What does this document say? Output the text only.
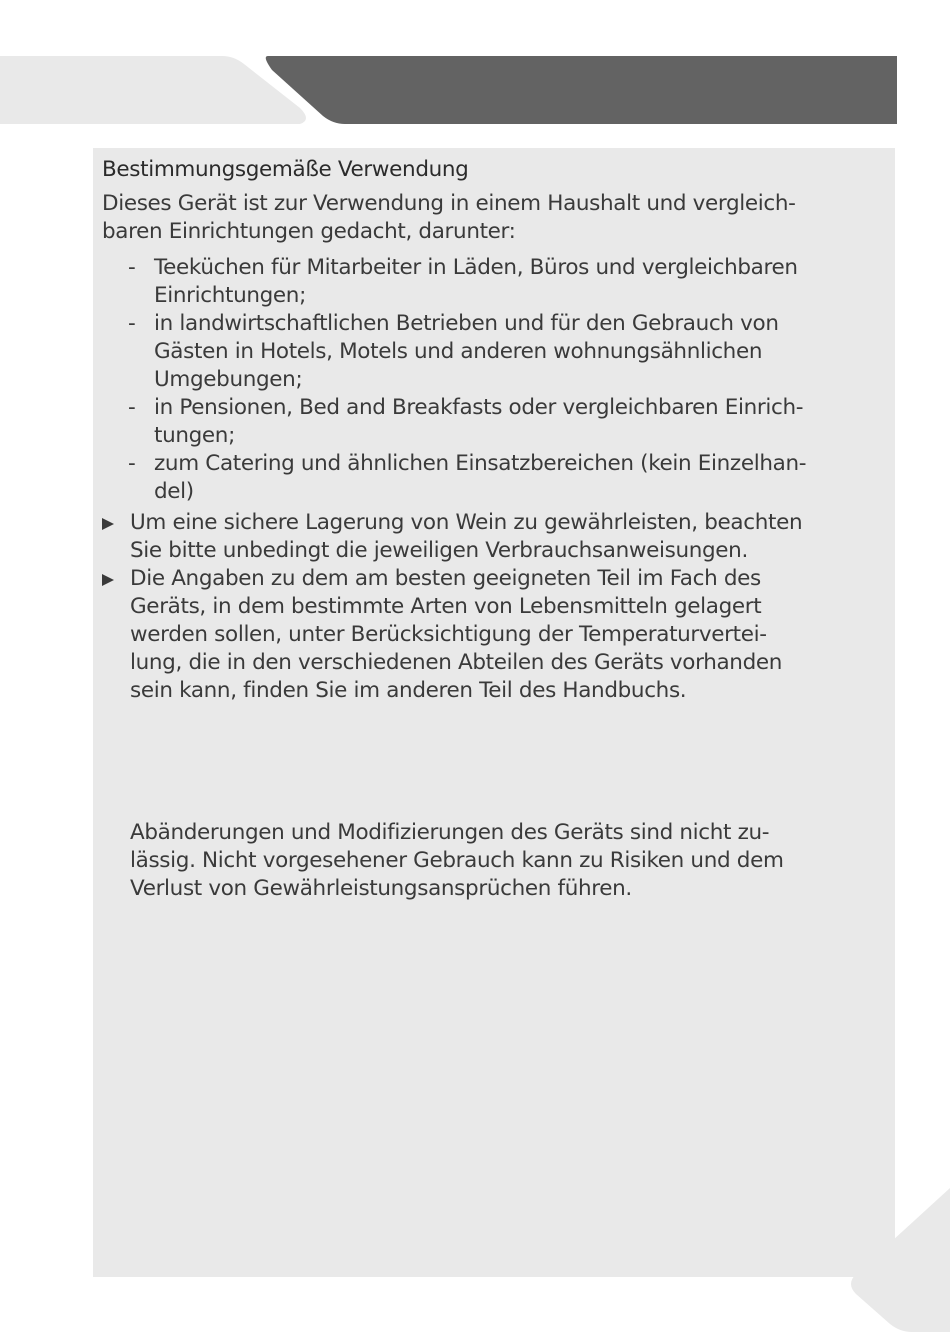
Bestimmungsgemäße Verwendung
Dieses Gerät ist zur Verwendung in einem Haushalt und vergleich-
baren Einrichtungen gedacht, darunter:
- Teeküchen für Mitarbeiter in Läden, Büros und vergleichbaren
Einrichtungen;
- in landwirtschaftlichen Betrieben und für den Gebrauch von
Gästen in Hotels, Motels und anderen wohnungsähnlichen
Umgebungen;
- in Pensionen, Bed and Breakfasts oder vergleichbaren Einrich-
tungen;
- zum Catering und ähnlichen Einsatzbereichen (kein Einzelhan-
del)
Um eine sichere Lagerung von Wein zu gewährleisten, beachten
Sie bitte unbedingt die jeweiligen Verbrauchsanweisungen.
Die Angaben zu dem am besten geeigneten Teil im Fach des
Geräts, in dem bestimmte Arten von Lebensmitteln gelagert
werden sollen, unter Berücksichtigung der Temperaturvertei-
lung, die in den verschiedenen Abteilen des Geräts vorhanden
sein kann, finden Sie im anderen Teil des Handbuchs.
Abänderungen und Modifizierungen des Geräts sind nicht zu-
lässig. Nicht vorgesehener Gebrauch kann zu Risiken und dem
Verlust von Gewährleistungsansprüchen führen.
